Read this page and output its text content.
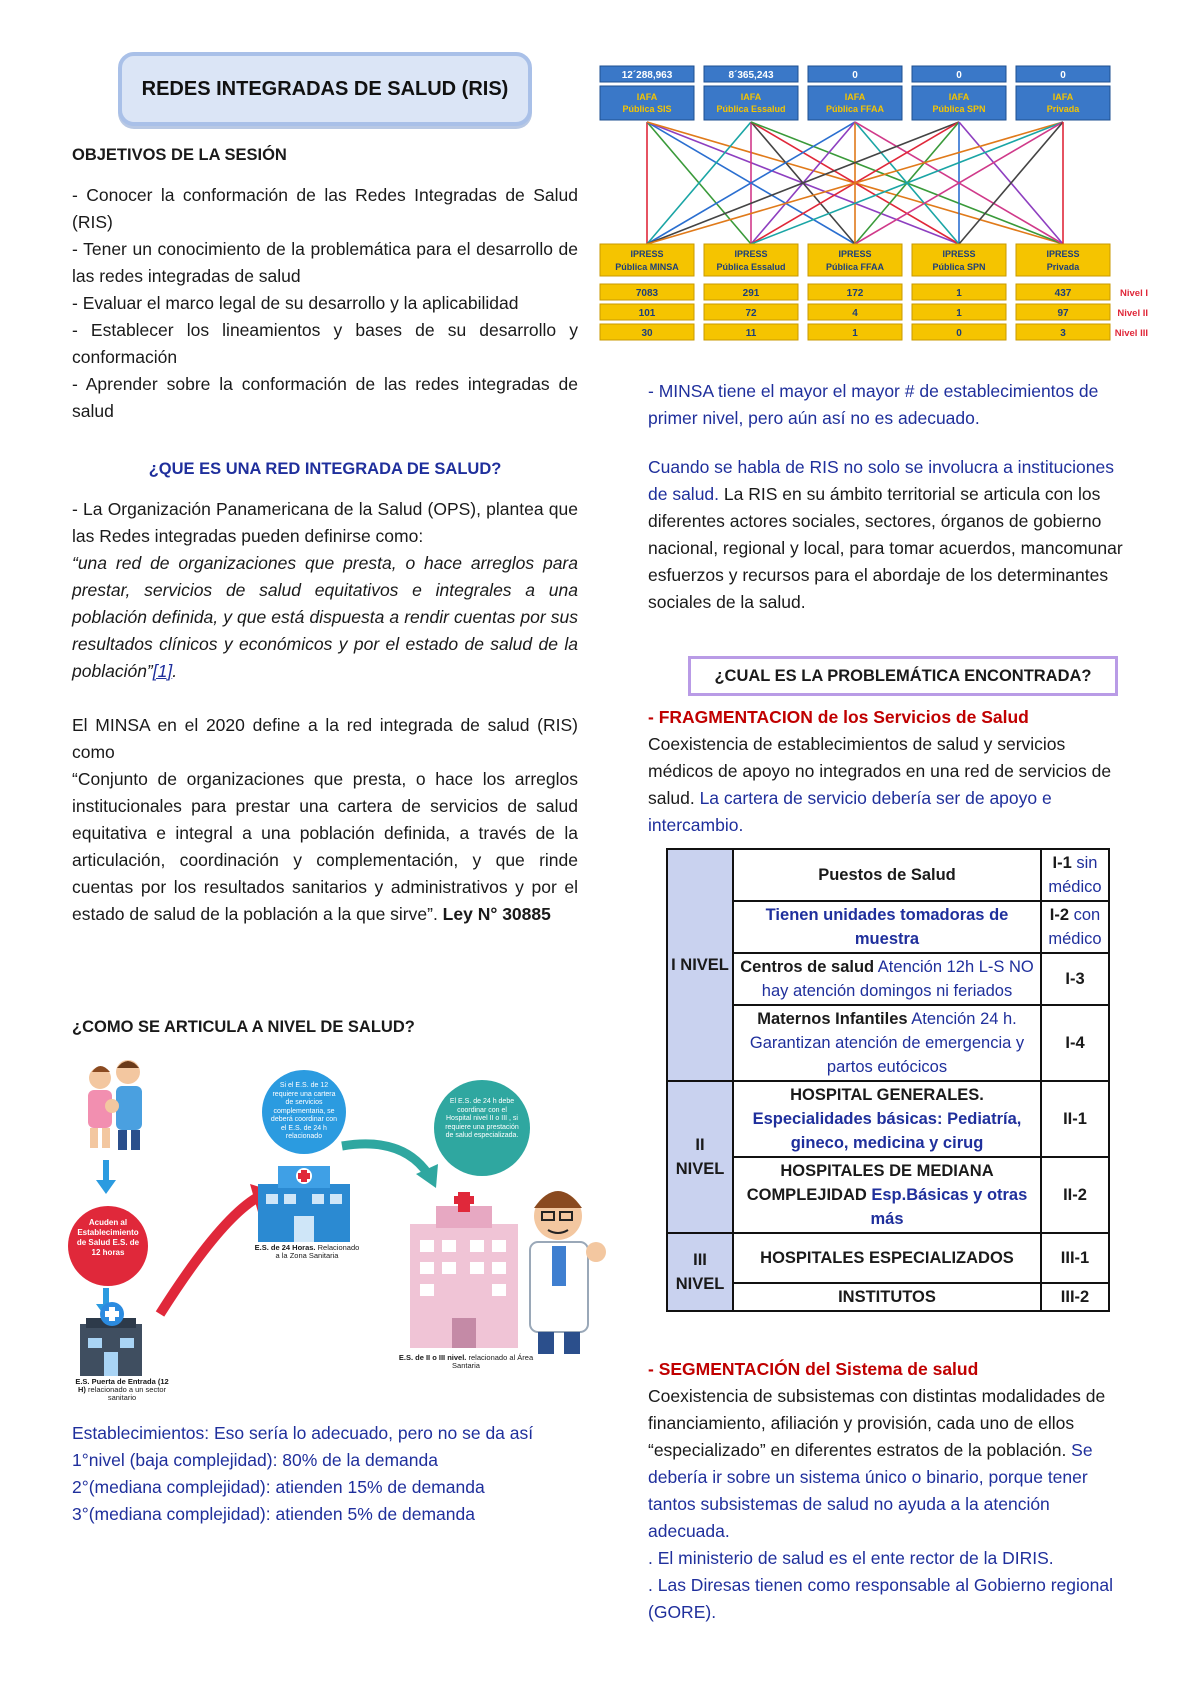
REDES INTEGRADAS DE SALUD (RIS)

OBJETIVOS DE LA SESIÓN

- Conocer la conformación de las Redes Integradas de Salud (RIS)

- Tener un conocimiento de la problemática para el desarrollo de las redes integradas de salud

- Evaluar el marco legal de su desarrollo y la aplicabilidad

- Establecer los lineamientos y bases de su desarrollo y conformación

- Aprender sobre la conformación de las redes integradas de salud

¿QUE ES UNA RED INTEGRADA DE SALUD?

- La Organización Panamericana de la Salud (OPS), plantea que las Redes integradas pueden definirse como:

“una red de organizaciones que presta, o hace arreglos para prestar, servicios de salud equitativos e integrales a una población definida, y que está dispuesta a rendir cuentas por sus resultados clínicos y económicos y por el estado de salud de la población”[1].

El MINSA en el 2020 define a la red integrada de salud (RIS) como

“Conjunto de organizaciones que presta, o hace los arreglos institucionales para prestar una cartera de servicios de salud equitativa e integral a una población definida, a través de la articulación, coordinación y complementación, y que rinde cuentas por los resultados sanitarios y administrativos y por el estado de salud de la población a la que sirve”. Ley N° 30885

¿COMO SE ARTICULA A NIVEL DE SALUD?

Acuden al Establecimiento de Salud E.S. de 12 horas
E.S. Puerta de Entrada (12 H) relacionado a un sector sanitario
Si el E.S. de 12 requiere una cartera de servicios complementaria, se deberá coordinar con el E.S. de 24 h relacionado
E.S. de 24 Horas. Relacionado a la Zona Sanitaria
El E.S. de 24 h debe coordinar con el Hospital nivel II o III , si requiere una prestación de salud especializada.
E.S. de II o III nivel. relacionado al Área Santaria

Establecimientos: Eso sería lo adecuado, pero no se da así

1°nivel (baja complejidad): 80% de la demanda

2°(mediana complejidad): atienden 15% de demanda

3°(mediana complejidad): atienden 5% de demanda

12´288,963
IAFA
Pública SIS
8´365,243
IAFA
Pública Essalud
0
IAFA
Pública FFAA
0
IAFA
Pública SPN
0
IAFA
Privada
IPRESS
Pública MINSA
7083
101
30
IPRESS
Pública Essalud
291
72
11
IPRESS
Pública FFAA
172
4
1
IPRESS
Pública SPN
1
1
0
IPRESS
Privada
437
97
3
Nivel I
Nivel II
Nivel III

- MINSA tiene el mayor el mayor # de establecimientos de primer nivel, pero aún así no es adecuado.

Cuando se habla de RIS no solo se involucra a instituciones de salud. La RIS en su ámbito territorial se articula con los diferentes actores sociales, sectores, órganos de gobierno nacional, regional y local, para tomar acuerdos, mancomunar esfuerzos y recursos para el abordaje de los determinantes sociales de la salud.

- FRAGMENTACION de los Servicios de Salud

Coexistencia de establecimientos de salud y servicios médicos de apoyo no integrados en una red de servicios de salud. La cartera de servicio debería ser de apoyo e intercambio.

- SEGMENTACIÓN del Sistema de salud

Coexistencia de subsistemas con distintas modalidades de financiamiento, afiliación y provisión, cada uno de ellos “especializado” en diferentes estratos de la población. Se debería ir sobre un sistema único o binario, porque tener tantos subsistemas de salud no ayuda a la atención adecuada.

. El ministerio de salud es el ente rector de la DIRIS.

. Las Diresas tienen como responsable al Gobierno regional (GORE).

¿CUAL ES LA PROBLEMÁTICA ENCONTRADA?
I NIVEL	Puestos de Salud	I-1 sin médico
	Tienen unidades tomadoras de muestra	I-2 con médico
	Centros de salud Atención 12h L-S NO hay atención domingos ni feriados	I-3
	Maternos Infantiles Atención 24 h. Garantizan atención de emergencia y partos eutócicos	I-4
II NIVEL	HOSPITAL GENERALES.
Especialidades básicas: Pediatría, gineco, medicina y cirug	II-1
	HOSPITALES DE MEDIANA COMPLEJIDAD Esp.Básicas y otras más	II-2
III NIVEL	HOSPITALES ESPECIALIZADOS	III-1
	INSTITUTOS	III-2
